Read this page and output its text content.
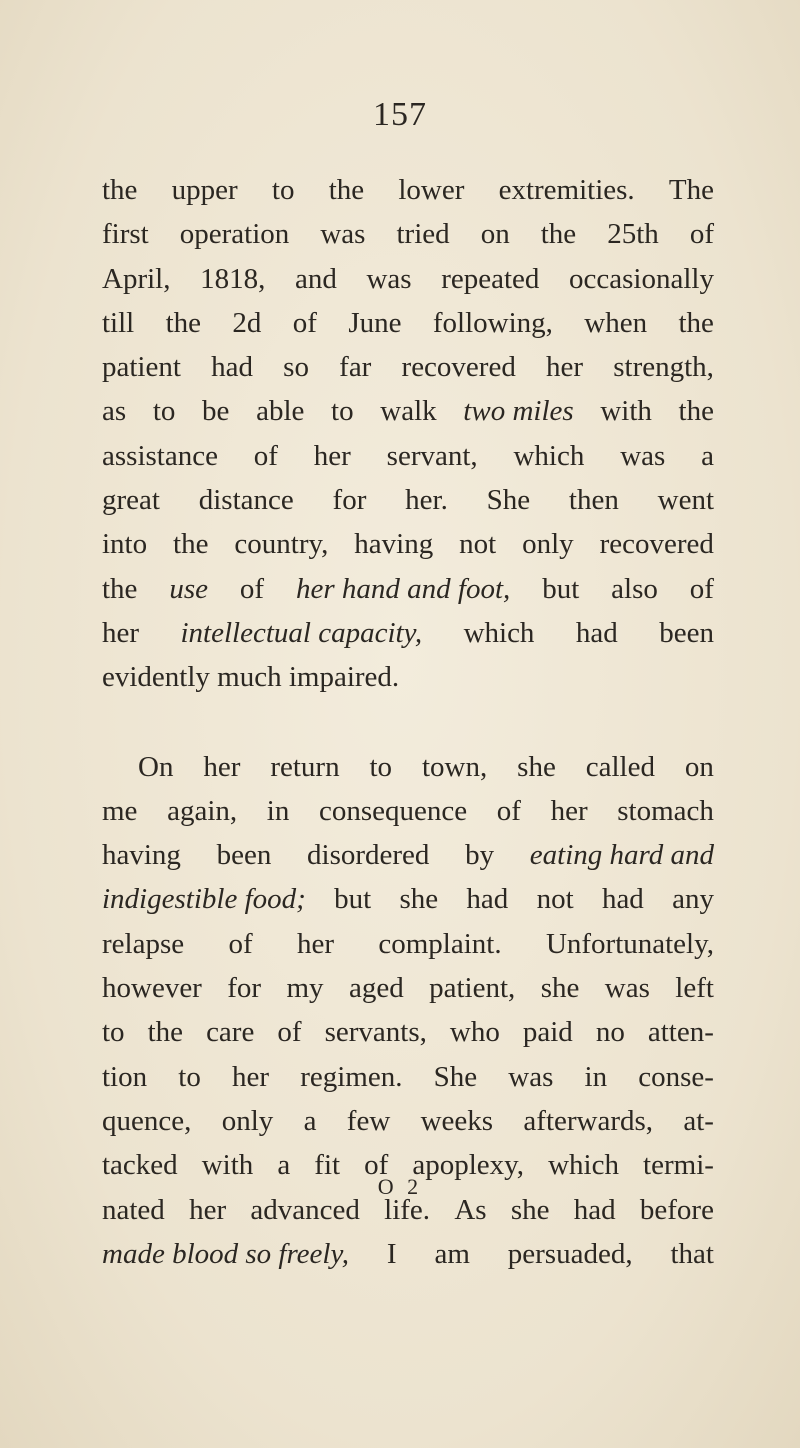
157
the upper to the lower extremities. The
first operation was tried on the 25th of
April, 1818, and was repeated occasionally
till the 2d of June following, when the
patient had so far recovered her strength,
as to be able to walk two miles with the
assistance of her servant, which was a
great distance for her. She then went
into the country, having not only recovered
the use of her hand and foot, but also of
her intellectual capacity, which had been
evidently
much
impaired.
On her return to town, she called on
me again, in consequence of her stomach
having been disordered by eating hard and
indigestible food; but she had not had any
relapse of her complaint. Unfortunately,
however for my aged patient, she was left
to the care of servants, who paid no atten-
tion to her regimen. She was in conse-
quence, only a few weeks afterwards, at-
tacked with a fit of apoplexy, which termi-
nated her advanced life. As she had before
made blood so freely, I am persuaded, that
O 2
